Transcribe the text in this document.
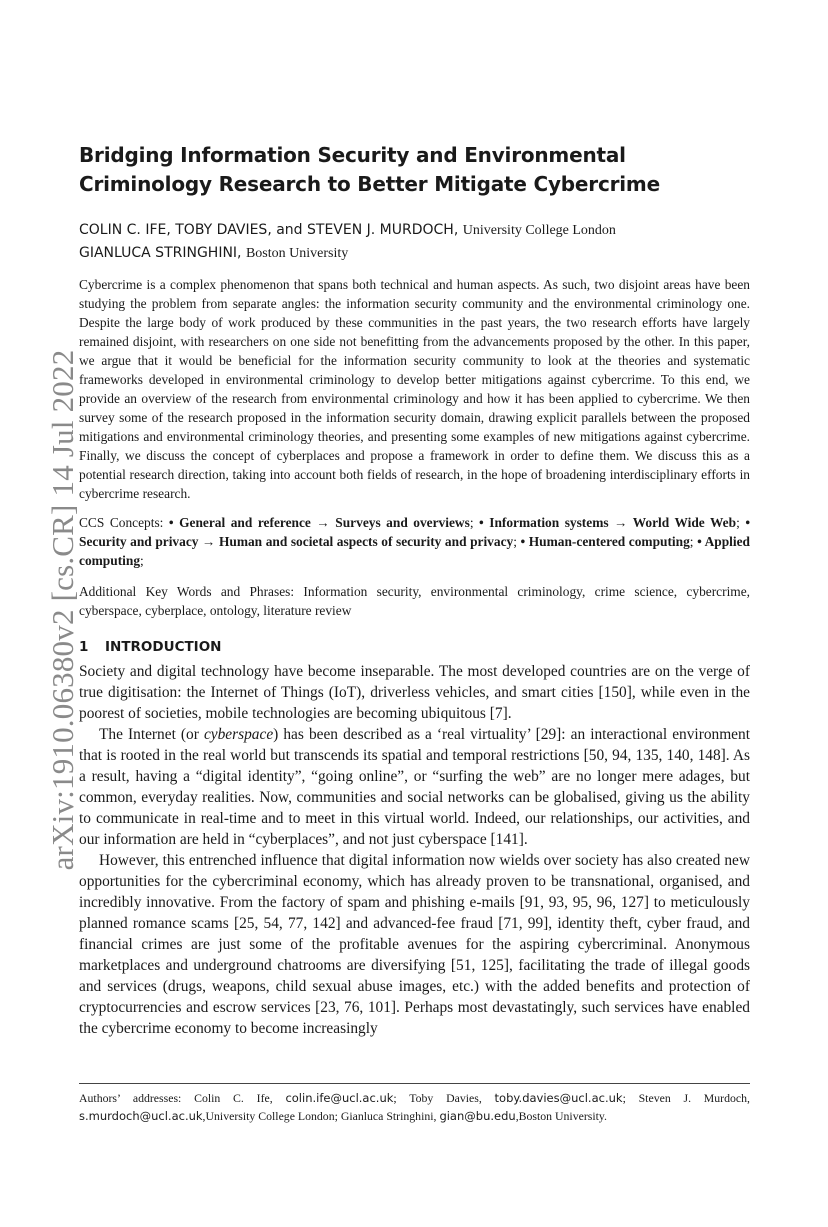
arXiv:1910.06380v2 [cs.CR] 14 Jul 2022
Bridging Information Security and Environmental
Criminology Research to Better Mitigate Cybercrime
COLIN C. IFE, TOBY DAVIES, and STEVEN J. MURDOCH, University College London
GIANLUCA STRINGHINI, Boston University

Cybercrime is a complex phenomenon that spans both technical and human aspects. As such, two disjoint areas have been studying the problem from separate angles: the information security community and the environmental criminology one. Despite the large body of work produced by these communities in the past years, the two research efforts have largely remained disjoint, with researchers on one side not benefitting from the advancements proposed by the other. In this paper, we argue that it would be beneficial for the information security community to look at the theories and systematic frameworks developed in environmental criminology to develop better mitigations against cybercrime. To this end, we provide an overview of the research from environmental criminology and how it has been applied to cybercrime. We then survey some of the research proposed in the information security domain, drawing explicit parallels between the proposed mitigations and environmental criminology theories, and presenting some examples of new mitigations against cybercrime. Finally, we discuss the concept of cyberplaces and propose a framework in order to define them. We discuss this as a potential research direction, taking into account both fields of research, in the hope of broadening interdisciplinary efforts in cybercrime research.

CCS Concepts: • General and reference → Surveys and overviews; • Information systems → World Wide Web; • Security and privacy → Human and societal aspects of security and privacy; • Human-centered computing; • Applied computing;

Additional Key Words and Phrases: Information security, environmental criminology, crime science, cybercrime, cyberspace, cyberplace, ontology, literature review

1	INTRODUCTION

Society and digital technology have become inseparable. The most developed countries are on the verge of true digitisation: the Internet of Things (IoT), driverless vehicles, and smart cities [150], while even in the poorest of societies, mobile technologies are becoming ubiquitous [7].

The Internet (or cyberspace) has been described as a ‘real virtuality’ [29]: an interactional environment that is rooted in the real world but transcends its spatial and temporal restrictions [50, 94, 135, 140, 148]. As a result, having a “digital identity”, “going online”, or “surfing the web” are no longer mere adages, but common, everyday realities. Now, communities and social networks can be globalised, giving us the ability to communicate in real-time and to meet in this virtual world. Indeed, our relationships, our activities, and our information are held in “cyberplaces”, and not just cyberspace [141].

However, this entrenched influence that digital information now wields over society has also created new opportunities for the cybercriminal economy, which has already proven to be transnational, organised, and incredibly innovative. From the factory of spam and phishing e-mails [91, 93, 95, 96, 127] to meticulously planned romance scams [25, 54, 77, 142] and advanced-fee fraud [71, 99], identity theft, cyber fraud, and financial crimes are just some of the profitable avenues for the aspiring cybercriminal. Anonymous marketplaces and underground chatrooms are diversifying [51, 125], facilitating the trade of illegal goods and services (drugs, weapons, child sexual abuse images, etc.) with the added benefits and protection of cryptocurrencies and escrow services [23, 76, 101]. Perhaps most devastatingly, such services have enabled the cybercrime economy to become increasingly

Authors’ addresses: Colin C. Ife, colin.ife@ucl.ac.uk; Toby Davies, toby.davies@ucl.ac.uk; Steven J. Murdoch, s.murdoch@ucl.ac.uk,University College London; Gianluca Stringhini, gian@bu.edu,Boston University.
